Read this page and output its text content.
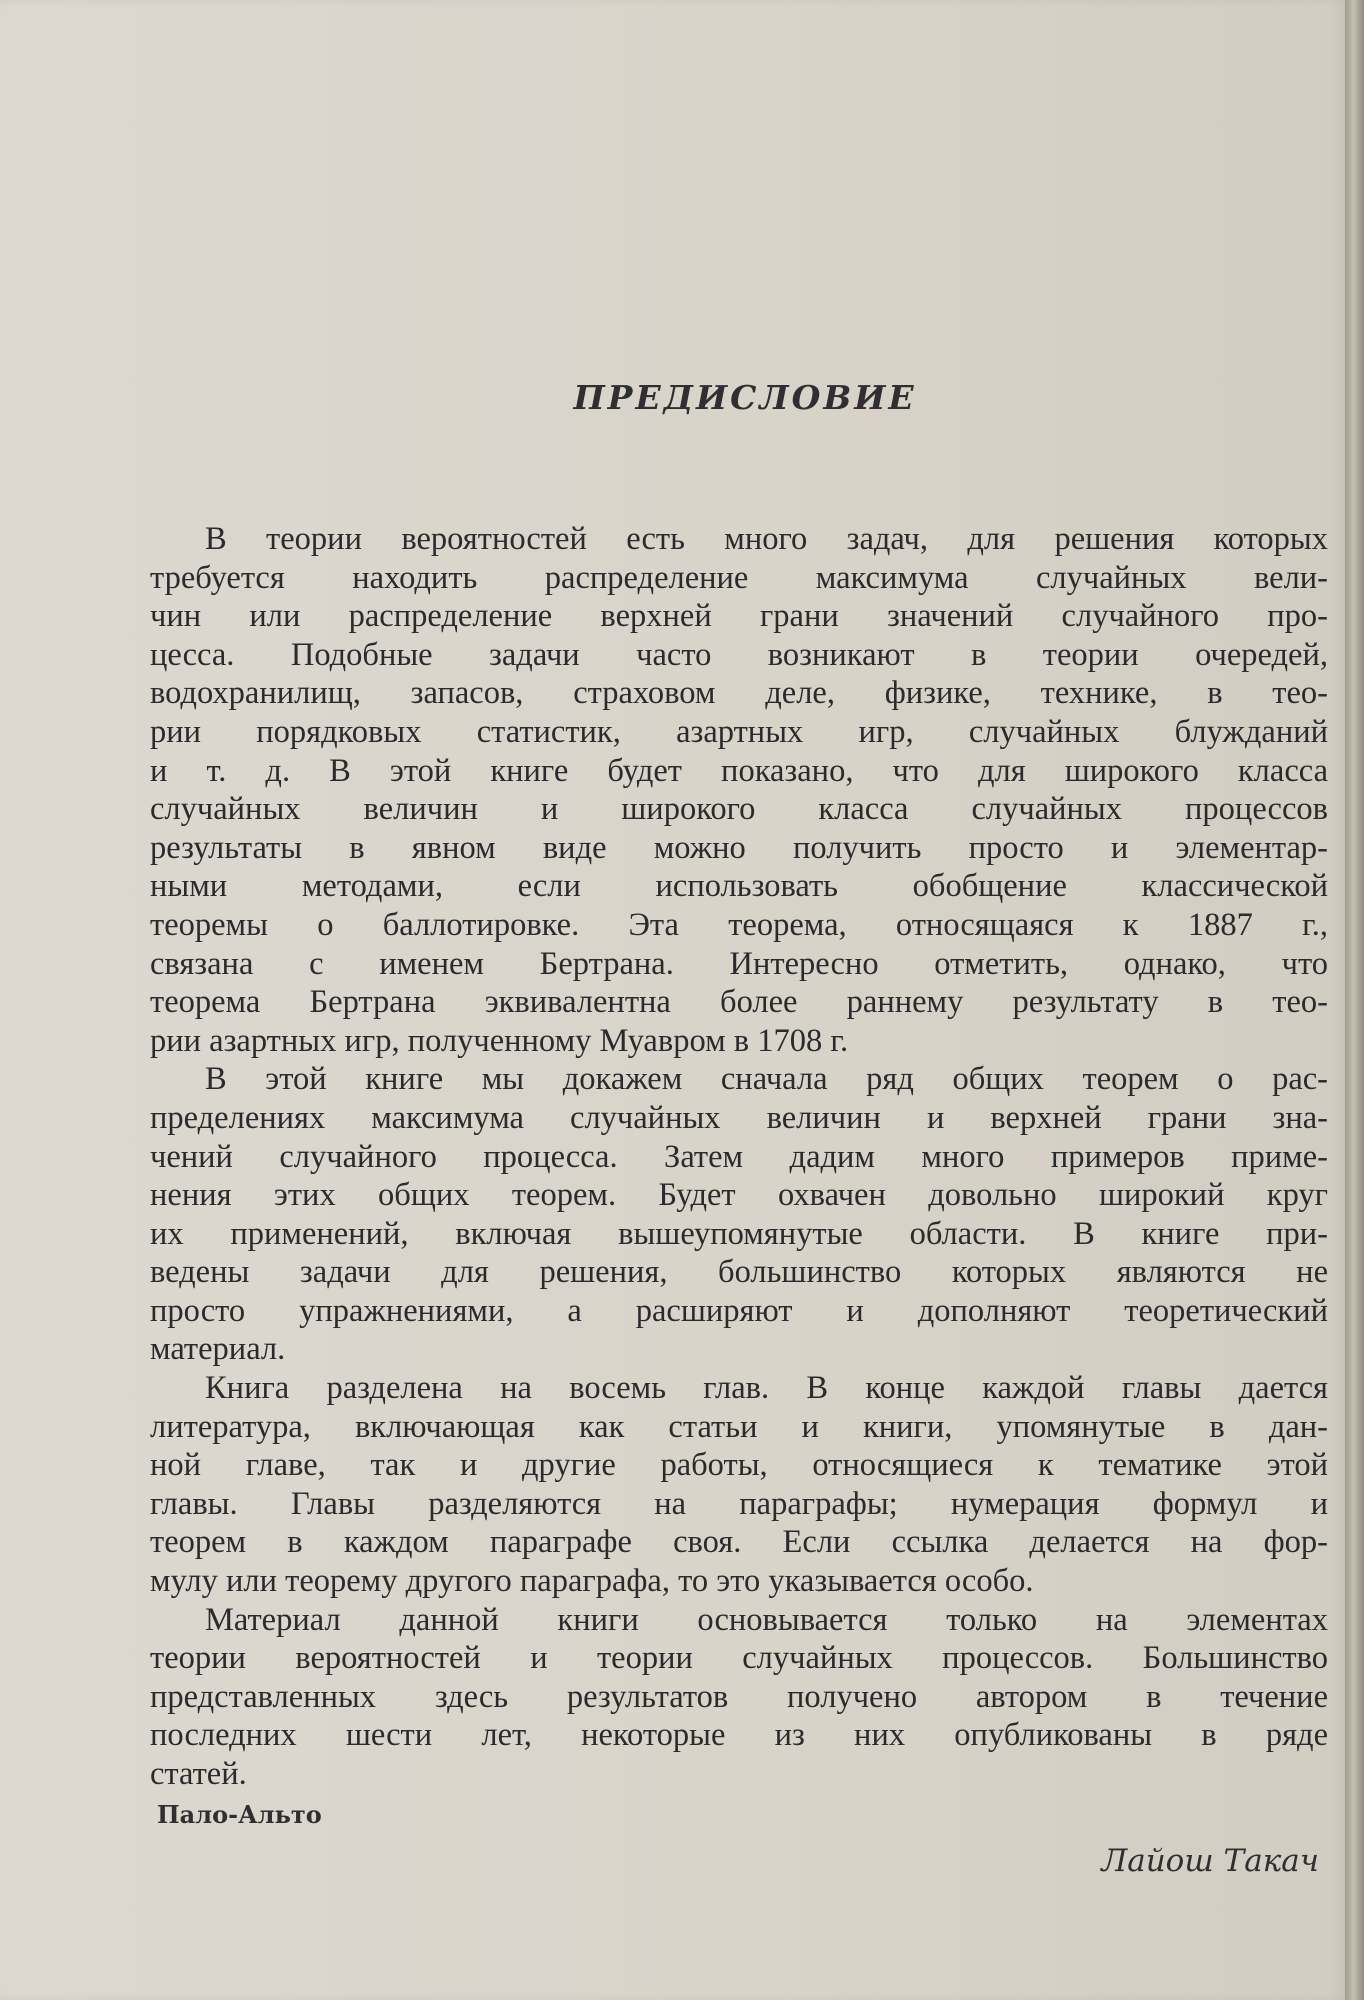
ПРЕДИСЛОВИЕ
В теории вероятностей есть много задач, для решения которых
требуется находить распределение максимума случайных вели-
чин или распределение верхней грани значений случайного про-
цесса. Подобные задачи часто возникают в теории очередей,
водохранилищ, запасов, страховом деле, физике, технике, в тео-
рии порядковых статистик, азартных игр, случайных блужданий
и т. д. В этой книге будет показано, что для широкого класса
случайных величин и широкого класса случайных процессов
результаты в явном виде можно получить просто и элементар-
ными методами, если использовать обобщение классической
теоремы о баллотировке. Эта теорема, относящаяся к 1887 г.,
связана с именем Бертрана. Интересно отметить, однако, что
теорема Бертрана эквивалентна более раннему результату в тео-
рии азартных игр, полученному Муавром в 1708 г.
В этой книге мы докажем сначала ряд общих теорем о рас-
пределениях максимума случайных величин и верхней грани зна-
чений случайного процесса. Затем дадим много примеров приме-
нения этих общих теорем. Будет охвачен довольно широкий круг
их применений, включая вышеупомянутые области. В книге при-
ведены задачи для решения, большинство которых являются не
просто упражнениями, а расширяют и дополняют теоретический
материал.
Книга разделена на восемь глав. В конце каждой главы дается
литература, включающая как статьи и книги, упомянутые в дан-
ной главе, так и другие работы, относящиеся к тематике этой
главы. Главы разделяются на параграфы; нумерация формул и
теорем в каждом параграфе своя. Если ссылка делается на фор-
мулу или теорему другого параграфа, то это указывается особо.
Материал данной книги основывается только на элементах
теории вероятностей и теории случайных процессов. Большинство
представленных здесь результатов получено автором в течение
последних шести лет, некоторые из них опубликованы в ряде
статей.
Пало-Альто
Лайош Такач
